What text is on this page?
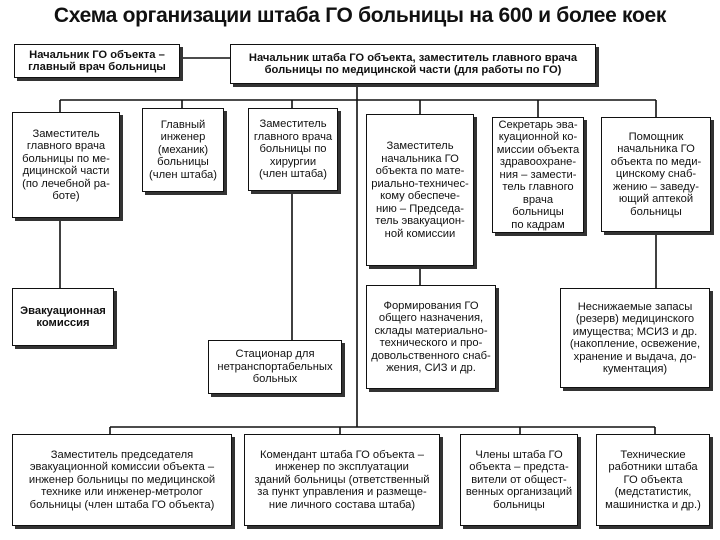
Схема организации штаба ГО больницы на 600 и более коек
Начальник ГО объекта –
главный врач больницы
Начальник штаба ГО объекта, заместитель главного врача
больницы по медицинской части (для работы по ГО)
Заместитель
главного врача
больницы по ме-
дицинской части
(по лечебной ра-
боте)
Главный
инженер
(механик)
больницы
(член штаба)
Заместитель
главного врача
больницы по
хирургии
(член штаба)
Заместитель
начальника ГО
объекта по мате-
риально-техничес-
кому обеспече-
нию – Председа-
тель эвакуацион-
ной комиссии
Секретарь эва-
куационной ко-
миссии объекта
здравоохране-
ния – замести-
тель главного
врача больницы
по кадрам
Помощник
начальника ГО
объекта по меди-
цинскому снаб-
жению – заведу-
ющий аптекой
больницы
Эвакуационная
комиссия
Формирования ГО
общего назначения,
склады материально-
технического и про-
довольственного снаб-
жения, СИЗ и др.
Неснижаемые запасы
(резерв) медицинского
имущества; МСИЗ и др.
(накопление, освежение,
хранение и выдача, до-
кументация)
Стационар для
нетранспортабельных
больных
Заместитель председателя
эвакуационной комиссии объекта –
инженер больницы по медицинской
технике или инженер-метролог
больницы (член штаба ГО объекта)
Комендант штаба ГО объекта –
инженер по эксплуатации
зданий больницы (ответственный
за пункт управления и размеще-
ние личного состава штаба)
Члены штаба ГО
объекта – предста-
вители от общест-
венных организаций
больницы
Технические
работники штаба
ГО объекта
(медстатистик,
машинистка и др.)
